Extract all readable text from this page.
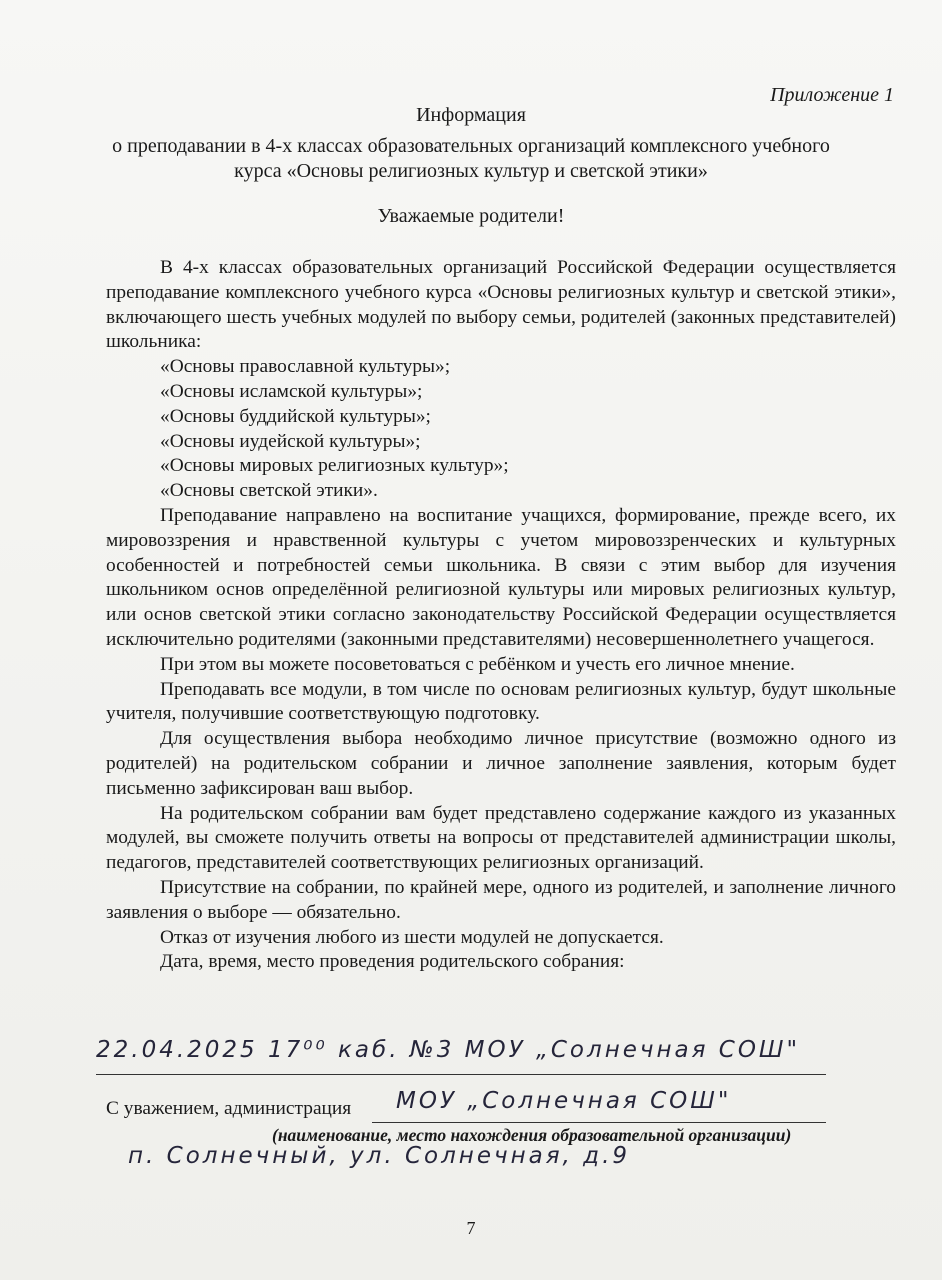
Приложение 1
Информация
о преподавании в 4-х классах образовательных организаций комплексного учебного
курса «Основы религиозных культур и светской этики»
Уважаемые родители!

В 4-х классах образовательных организаций Российской Федерации осуществляется преподавание комплексного учебного курса «Основы религиозных культур и светской этики», включающего шесть учебных модулей по выбору семьи, родителей (законных представителей) школьника:

«Основы православной культуры»;
«Основы исламской культуры»;
«Основы буддийской культуры»;
«Основы иудейской культуры»;
«Основы мировых религиозных культур»;
«Основы светской этики».

Преподавание направлено на воспитание учащихся, формирование, прежде всего, их мировоззрения и нравственной культуры с учетом мировоззренческих и культурных особенностей и потребностей семьи школьника. В связи с этим выбор для изучения школьником основ определённой религиозной культуры или мировых религиозных культур, или основ светской этики согласно законодательству Российской Федерации осуществляется исключительно родителями (законными представителями) несовершеннолетнего учащегося.

При этом вы можете посоветоваться с ребёнком и учесть его личное мнение.

Преподавать все модули, в том числе по основам религиозных культур, будут школьные учителя, получившие соответствующую подготовку.

Для осуществления выбора необходимо личное присутствие (возможно одного из родителей) на родительском собрании и личное заполнение заявления, которым будет письменно зафиксирован ваш выбор.

На родительском собрании вам будет представлено содержание каждого из указанных модулей, вы сможете получить ответы на вопросы от представителей администрации школы, педагогов, представителей соответствующих религиозных организаций.

Присутствие на собрании, по крайней мере, одного из родителей, и заполнение личного заявления о выборе — обязательно.

Отказ от изучения любого из шести модулей не допускается.

Дата, время, место проведения родительского собрания:

22.04.2025 17⁰⁰ каб. №3 МОУ „Солнечная СОШ"
С уважением, администрация МОУ „Солнечная СОШ"
(наименование, место нахождения образовательной организации)
п. Солнечный, ул. Солнечная, д.9
7
